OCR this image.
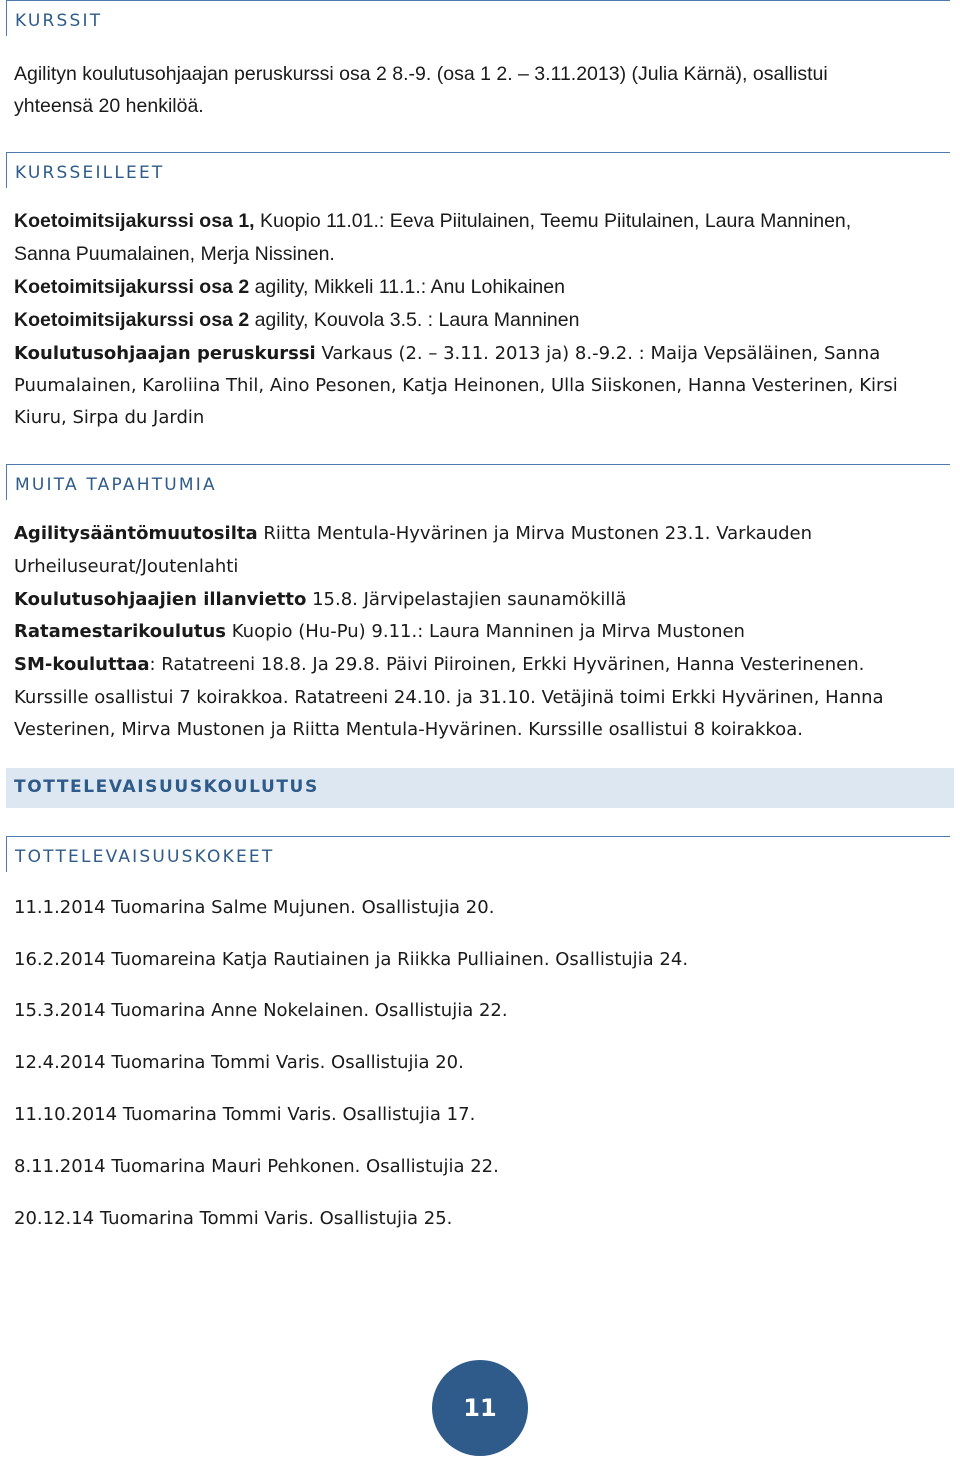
KURSSIT
Agilityn koulutusohjaajan peruskurssi osa 2 8.-9. (osa 1 2. – 3.11.2013) (Julia Kärnä), osallistui
yhteensä 20 henkilöä.
KURSSEILLEET
Koetoimitsijakurssi osa 1, Kuopio 11.01.: Eeva Piitulainen, Teemu Piitulainen, Laura Manninen,
Sanna Puumalainen, Merja Nissinen.
Koetoimitsijakurssi osa 2 agility, Mikkeli 11.1.: Anu Lohikainen
Koetoimitsijakurssi osa 2 agility, Kouvola 3.5. : Laura Manninen
Koulutusohjaajan peruskurssi Varkaus (2. – 3.11. 2013 ja) 8.-9.2. : Maija Vepsäläinen, Sanna
Puumalainen, Karoliina Thil, Aino Pesonen, Katja Heinonen, Ulla Siiskonen, Hanna Vesterinen, Kirsi
Kiuru, Sirpa du Jardin
MUITA TAPAHTUMIA
Agilitysääntömuutosilta Riitta Mentula-Hyvärinen ja Mirva Mustonen 23.1. Varkauden
Urheiluseurat/Joutenlahti
Koulutusohjaajien illanvietto 15.8. Järvipelastajien saunamökillä
Ratamestarikoulutus Kuopio (Hu-Pu) 9.11.: Laura Manninen ja Mirva Mustonen
SM-kouluttaa: Ratatreeni 18.8. Ja 29.8. Päivi Piiroinen, Erkki Hyvärinen, Hanna Vesterinenen.
Kurssille osallistui 7 koirakkoa. Ratatreeni 24.10. ja 31.10. Vetäjinä toimi Erkki Hyvärinen, Hanna
Vesterinen, Mirva Mustonen ja Riitta Mentula-Hyvärinen. Kurssille osallistui 8 koirakkoa.
TOTTELEVAISUUSKOULUTUS
TOTTELEVAISUUSKOKEET
11.1.2014 Tuomarina Salme Mujunen. Osallistujia 20.
16.2.2014 Tuomareina Katja Rautiainen ja Riikka Pulliainen. Osallistujia 24.
15.3.2014 Tuomarina Anne Nokelainen. Osallistujia 22.
12.4.2014 Tuomarina Tommi Varis. Osallistujia 20.
11.10.2014 Tuomarina Tommi Varis. Osallistujia 17.
8.11.2014 Tuomarina Mauri Pehkonen. Osallistujia 22.
20.12.14 Tuomarina Tommi Varis. Osallistujia 25.
11
